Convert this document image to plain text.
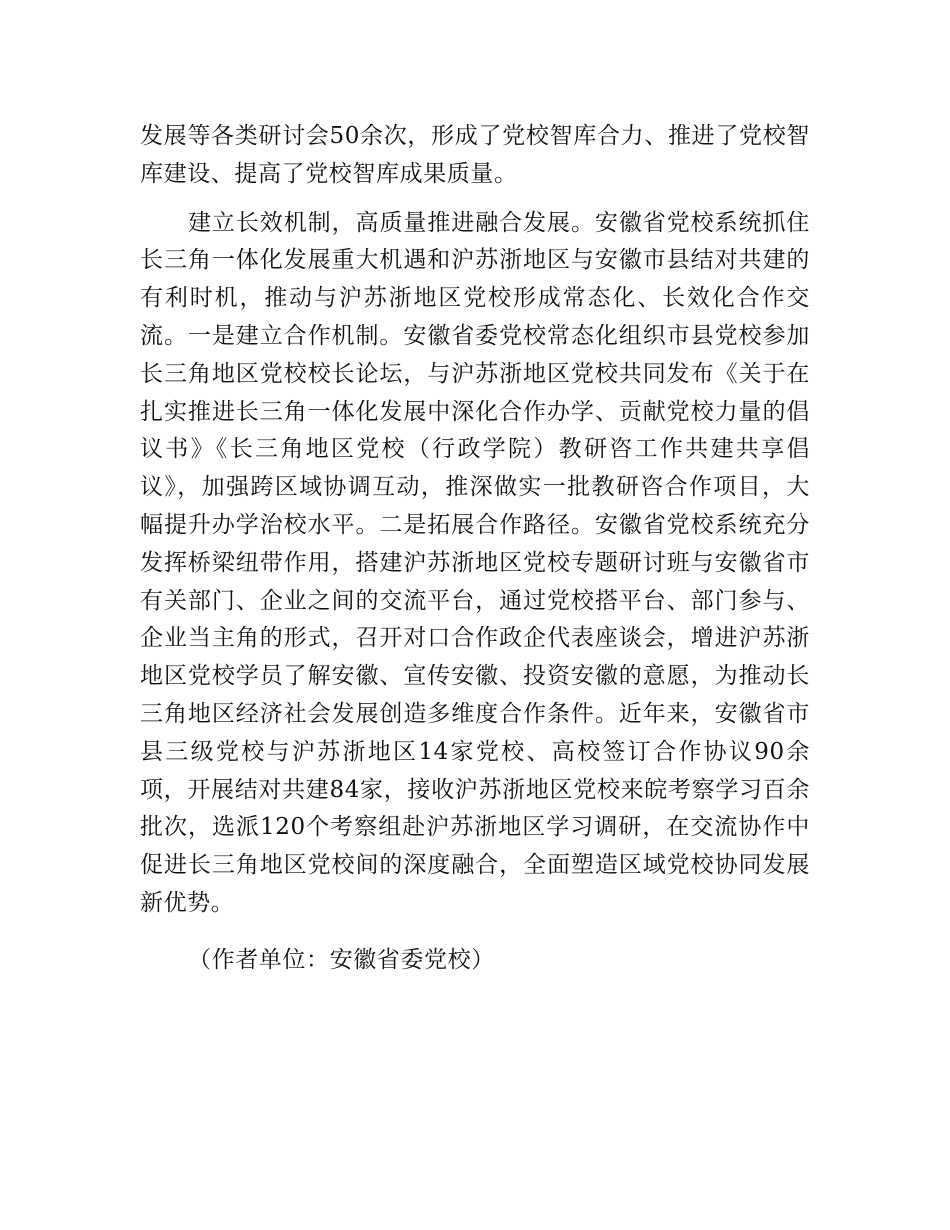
发展等各类研讨会50余次，形成了党校智库合力、推进了党校智库建设、提高了党校智库成果质量。

建立长效机制，高质量推进融合发展。安徽省党校系统抓住长三角一体化发展重大机遇和沪苏浙地区与安徽市县结对共建的有利时机，推动与沪苏浙地区党校形成常态化、长效化合作交流。一是建立合作机制。安徽省委党校常态化组织市县党校参加长三角地区党校校长论坛，与沪苏浙地区党校共同发布《关于在扎实推进长三角一体化发展中深化合作办学、贡献党校力量的倡议书》《长三角地区党校（行政学院）教研咨工作共建共享倡议》，加强跨区域协调互动，推深做实一批教研咨合作项目，大幅提升办学治校水平。二是拓展合作路径。安徽省党校系统充分发挥桥梁纽带作用，搭建沪苏浙地区党校专题研讨班与安徽省市有关部门、企业之间的交流平台，通过党校搭平台、部门参与、企业当主角的形式，召开对口合作政企代表座谈会，增进沪苏浙地区党校学员了解安徽、宣传安徽、投资安徽的意愿，为推动长三角地区经济社会发展创造多维度合作条件。近年来，安徽省市县三级党校与沪苏浙地区14家党校、高校签订合作协议90余项，开展结对共建84家，接收沪苏浙地区党校来皖考察学习百余批次，选派120个考察组赴沪苏浙地区学习调研，在交流协作中促进长三角地区党校间的深度融合，全面塑造区域党校协同发展新优势。

（作者单位：安徽省委党校）
